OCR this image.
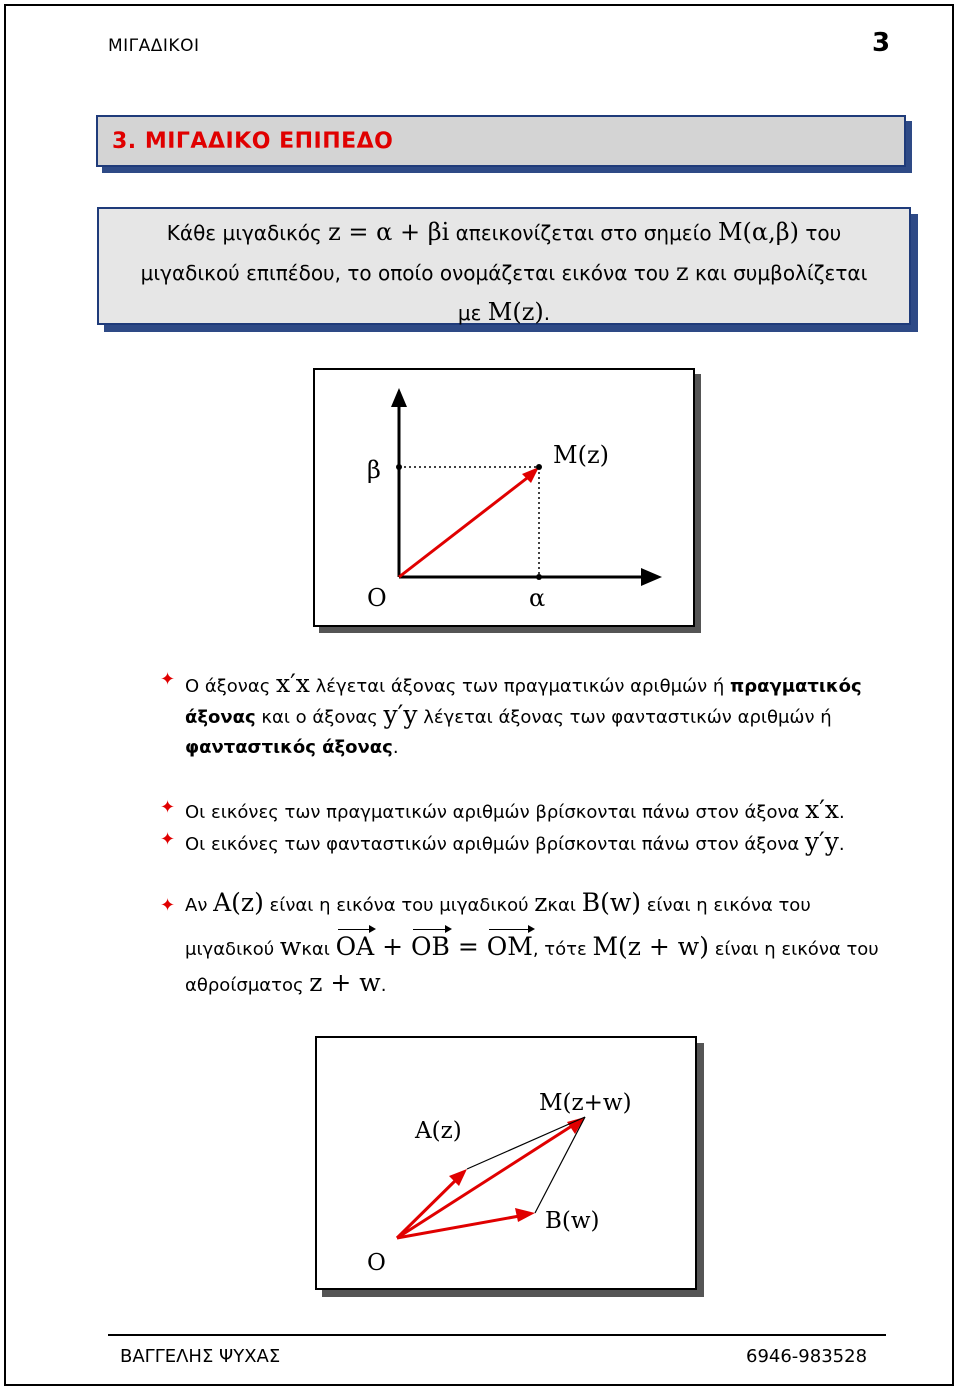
ΜΙΓΑΔΙΚΟΙ	3
3. ΜΙΓΑΔΙΚΟ ΕΠΙΠΕΔΟ
Κάθε μιγαδικός z = α + βi απεικονίζεται στο σημείο M(α,β) του
μιγαδικού επιπέδου, το οποίο ονομάζεται εικόνα του z και συμβολίζεται
με M(z).
β
M(z)
O	α
✦ Ο άξονας x′x λέγεται άξονας των πραγματικών αριθμών ή πραγματικός
άξονας και ο άξονας y′y λέγεται άξονας των φανταστικών αριθμών ή
φανταστικός άξονας.
✦ Οι εικόνες των πραγματικών αριθμών βρίσκονται πάνω στον άξονα x′x.
✦ Οι εικόνες των φανταστικών αριθμών βρίσκονται πάνω στον άξονα y′y.
✦ Αν A(z) είναι η εικόνα του μιγαδικού zκαι B(w) είναι η εικόνα του
μιγαδικού wκαι OA + OB = OM, τότε M(z + w) είναι η εικόνα του
αθροίσματος z + w.
A(z)
M(z+w)
B(w)
O
ΒΑΓΓΕΛΗΣ ΨΥΧΑΣ	6946-983528
